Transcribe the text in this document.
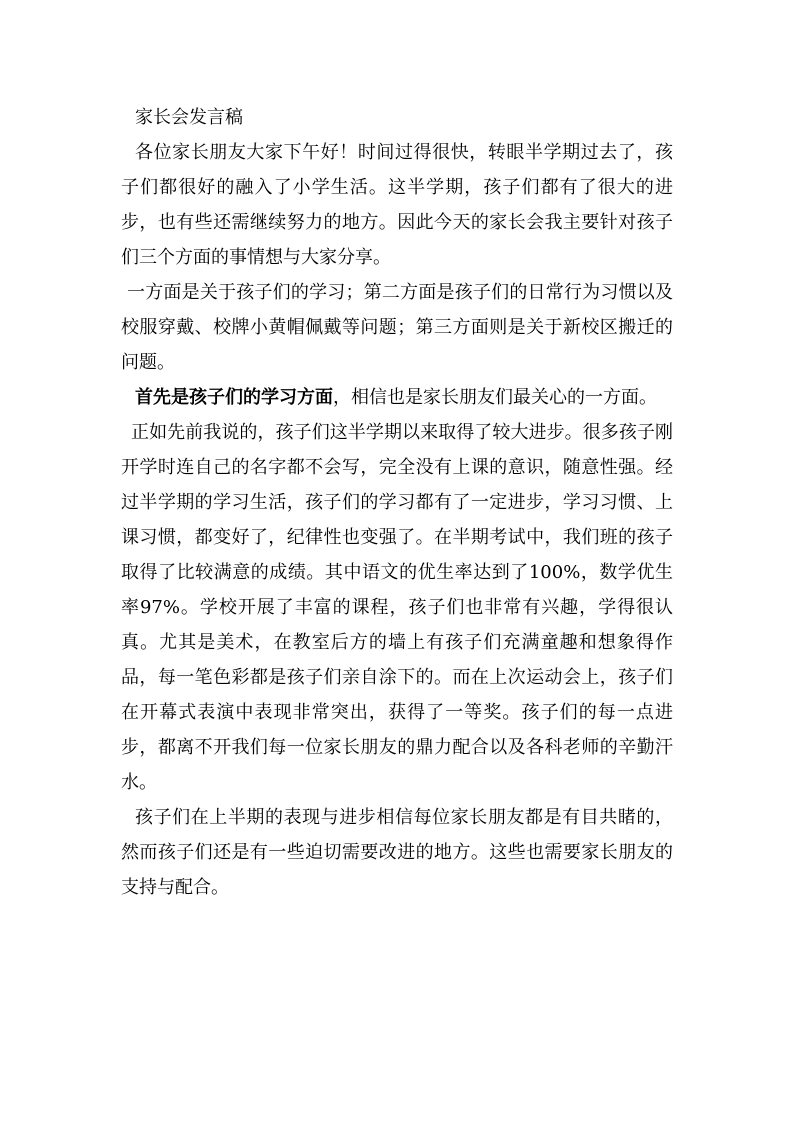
家长会发言稿

各位家长朋友大家下午好！时间过得很快，转眼半学期过去了，孩子们都很好的融入了小学生活。这半学期，孩子们都有了很大的进步，也有些还需继续努力的地方。因此今天的家长会我主要针对孩子们三个方面的事情想与大家分享。

一方面是关于孩子们的学习；第二方面是孩子们的日常行为习惯以及校服穿戴、校牌小黄帽佩戴等问题；第三方面则是关于新校区搬迁的问题。

首先是孩子们的学习方面，相信也是家长朋友们最关心的一方面。

正如先前我说的，孩子们这半学期以来取得了较大进步。很多孩子刚开学时连自己的名字都不会写，完全没有上课的意识，随意性强。经过半学期的学习生活，孩子们的学习都有了一定进步，学习习惯、上课习惯，都变好了，纪律性也变强了。在半期考试中，我们班的孩子取得了比较满意的成绩。其中语文的优生率达到了100%，数学优生率97%。学校开展了丰富的课程，孩子们也非常有兴趣，学得很认真。尤其是美术，在教室后方的墙上有孩子们充满童趣和想象得作品，每一笔色彩都是孩子们亲自涂下的。而在上次运动会上，孩子们在开幕式表演中表现非常突出，获得了一等奖。孩子们的每一点进步，都离不开我们每一位家长朋友的鼎力配合以及各科老师的辛勤汗水。

孩子们在上半期的表现与进步相信每位家长朋友都是有目共睹的，然而孩子们还是有一些迫切需要改进的地方。这些也需要家长朋友的支持与配合。
